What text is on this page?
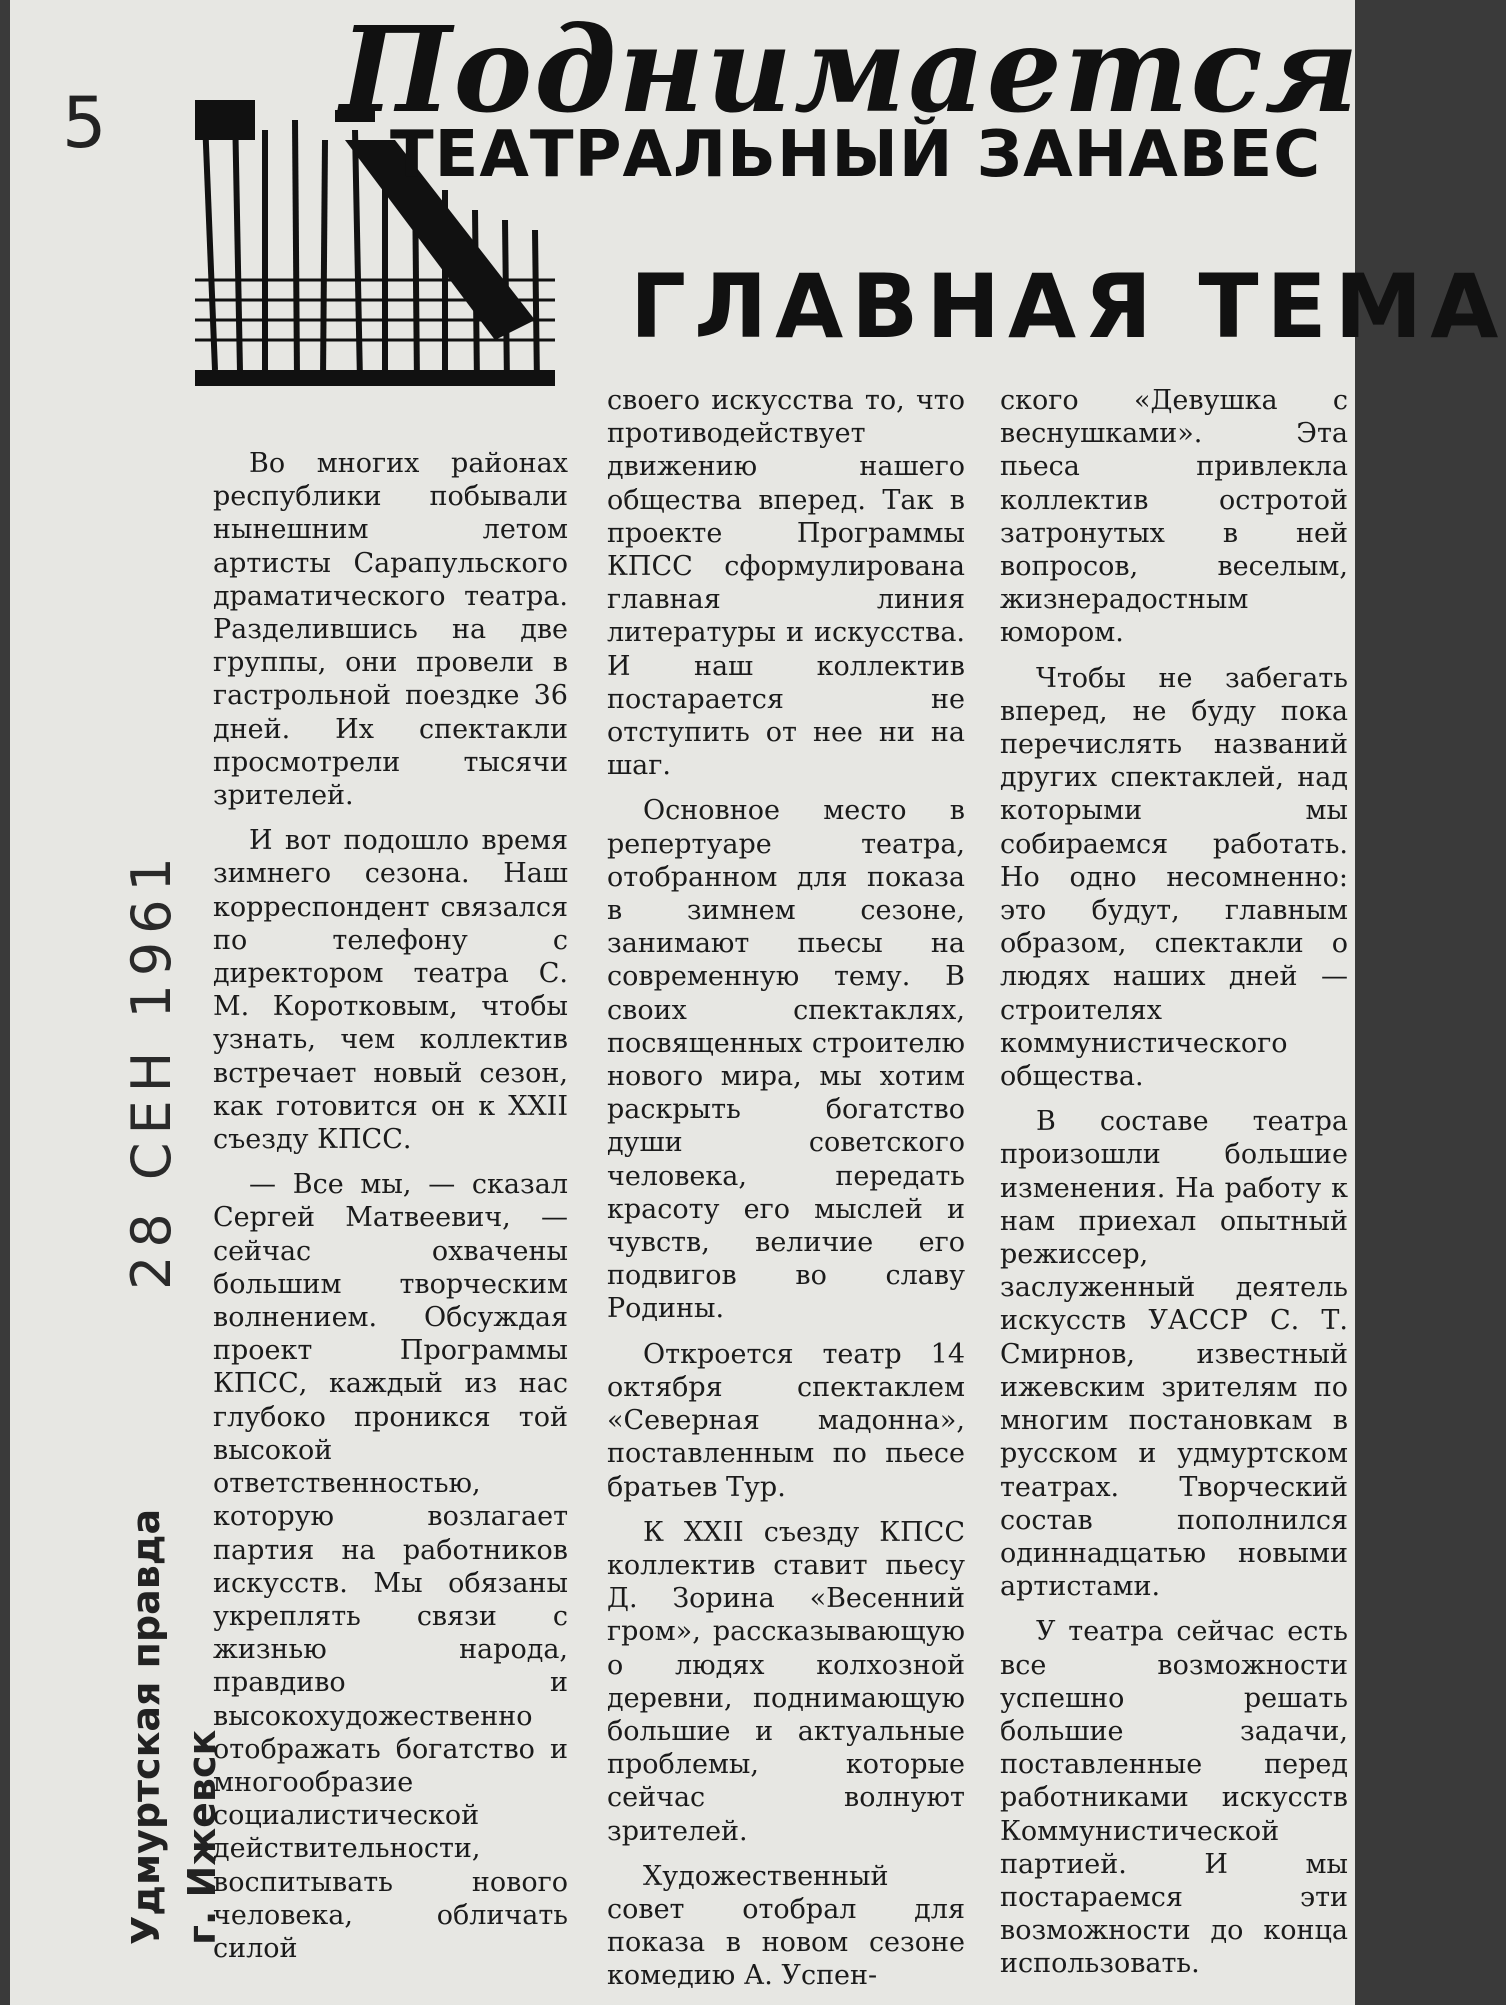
5 Поднимается
ТЕАТРАЛЬНЫЙ ЗАНАВЕС
ГЛАВНАЯ ТЕМА
28 СЕН 1961
Удмуртская правда г. Ижевск

Во многих районах республики побывали нынешним летом артисты Сарапульского драматического театра. Разделившись на две группы, они провели в гастрольной поездке 36 дней. Их спектакли просмотрели тысячи зрителей.

И вот подошло время зимнего сезона. Наш корреспондент связался по телефону с директором театра С. М. Коротковым, чтобы узнать, чем коллектив встречает новый сезон, как готовится он к XXII съезду КПСС.

— Все мы, — сказал Сергей Матвеевич, — сейчас охвачены большим творческим волнением. Обсуждая проект Программы КПСС, каждый из нас глубоко проникся той высокой ответственностью, которую возлагает партия на работников искусств. Мы обязаны укреплять связи с жизнью народа, правдиво и высокохудожественно отображать богатство и многообразие социалистической действительности, воспитывать нового человека, обличать силой

своего искусства то, что противодействует движению нашего общества вперед. Так в проекте Программы КПСС сформулирована главная линия литературы и искусства. И наш коллектив постарается не отступить от нее ни на шаг.

Основное место в репертуаре театра, отобранном для показа в зимнем сезоне, занимают пьесы на современную тему. В своих спектаклях, посвященных строителю нового мира, мы хотим раскрыть богатство души советского человека, передать красоту его мыслей и чувств, величие его подвигов во славу Родины.

Откроется театр 14 октября спектаклем «Северная мадонна», поставленным по пьесе братьев Тур.

К XXII съезду КПСС коллектив ставит пьесу Д. Зорина «Весенний гром», рассказывающую о людях колхозной деревни, поднимающую большие и актуальные проблемы, которые сейчас волнуют зрителей.

Художественный совет отобрал для показа в новом сезоне комедию А. Успен-

ского «Девушка с веснушками». Эта пьеса привлекла коллектив остротой затронутых в ней вопросов, веселым, жизнерадостным юмором.

Чтобы не забегать вперед, не буду пока перечислять названий других спектаклей, над которыми мы собираемся работать. Но одно несомненно: это будут, главным образом, спектакли о людях наших дней — строителях коммунистического общества.

В составе театра произошли большие изменения. На работу к нам приехал опытный режиссер, заслуженный деятель искусств УАССР С. Т. Смирнов, известный ижевским зрителям по многим постановкам в русском и удмуртском театрах. Творческий состав пополнился одиннадцатью новыми артистами.

У театра сейчас есть все возможности успешно решать большие задачи, поставленные перед работниками искусств Коммунистической партией. И мы постараемся эти возможности до конца использовать.
